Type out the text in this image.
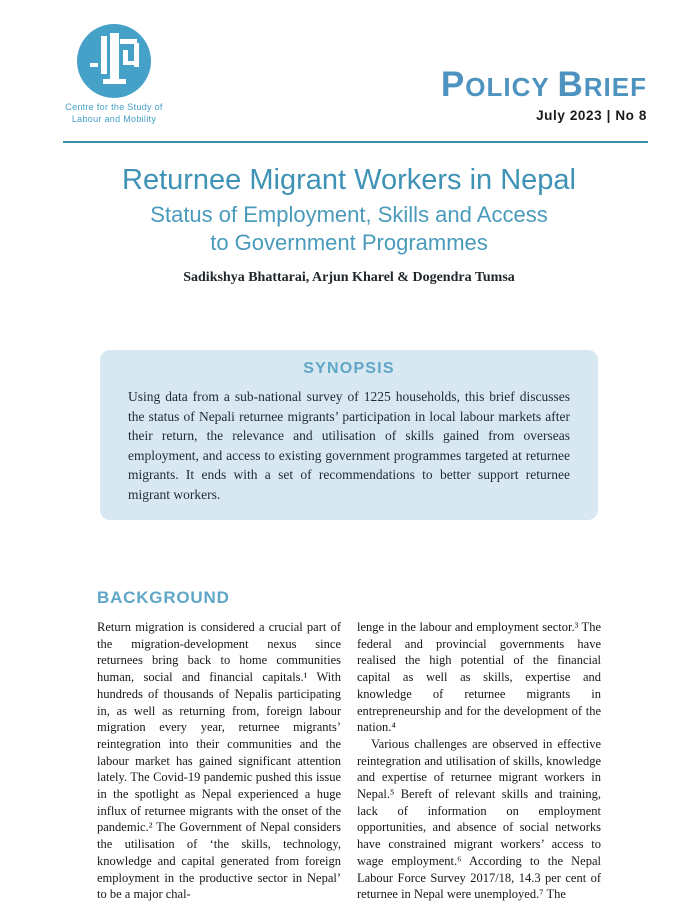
Centre for the Study of
Labour and Mobility
POLICY BRIEF
July 2023 | No 8
Returnee Migrant Workers in Nepal
Status of Employment, Skills and Access
to Government Programmes
Sadikshya Bhattarai, Arjun Kharel & Dogendra Tumsa
SYNOPSIS

Using data from a sub-national survey of 1225 households, this brief discusses the status of Nepali returnee migrants’ participation in local labour markets after their return, the relevance and utilisation of skills gained from overseas employment, and access to existing government programmes targeted at returnee migrants. It ends with a set of recommendations to better support returnee migrant workers.

BACKGROUND

Return migration is considered a crucial part of the migration-development nexus since returnees bring back to home communities human, social and financial capitals.¹ With hundreds of thousands of Nepalis participating in, as well as returning from, foreign labour migration every year, returnee migrants’ reintegration into their communities and the labour market has gained significant attention lately. The Covid-19 pandemic pushed this issue in the spotlight as Nepal experienced a huge influx of returnee migrants with the onset of the pandemic.² The Government of Nepal considers the utilisation of ‘the skills, technology, knowledge and capital generated from foreign employment in the productive sector in Nepal’ to be a major chal-

lenge in the labour and employment sector.³ The federal and provincial governments have realised the high potential of the financial capital as well as skills, expertise and knowledge of returnee migrants in entrepreneurship and for the development of the nation.⁴

Various challenges are observed in effective reintegration and utilisation of skills, knowledge and expertise of returnee migrant workers in Nepal.⁵ Bereft of relevant skills and training, lack of information on employment opportunities, and absence of social networks have constrained migrant workers’ access to wage employment.⁶ According to the Nepal Labour Force Survey 2017/18, 14.3 per cent of returnee in Nepal were unemployed.⁷ The
